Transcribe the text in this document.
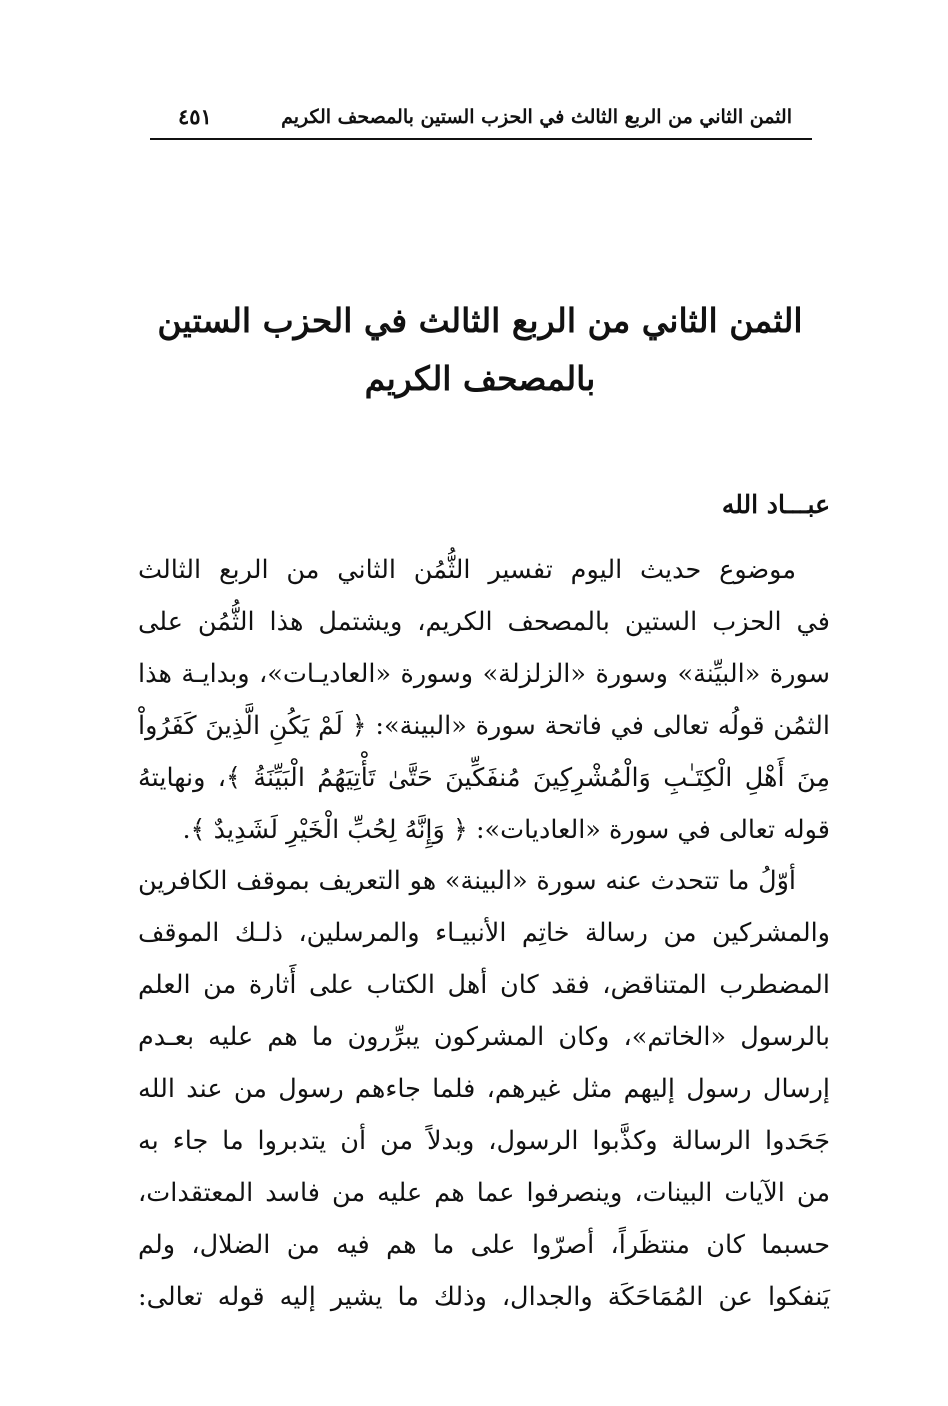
الثمن الثاني من الربع الثالث في الحزب الستين بالمصحف الكريم
٤٥١
الثمن الثاني من الربع الثالث في الحزب الستين
بالمصحف الكريم
عبـــاد الله
موضوع حديث اليوم تفسير الثُّمُن الثاني من الربع الثالث
في الحزب الستين بالمصحف الكريم، ويشتمل هذا الثُّمُن على
سورة «البيِّنة» وسورة «الزلزلة» وسورة «العاديـات»، وبدايـة هذا
الثمُن قولُه تعالى في فاتحة سورة «البينة»: ﴿ لَمْ يَكُنِ الَّذِينَ كَفَرُواْ
مِنَ أَهْلِ الْكِتَـٰبِ وَالْمُشْرِكِينَ مُنفَكِّينَ حَتَّىٰ تَأْتِيَهُمُ الْبَيِّنَةُ ﴾، ونهايتهُ
قوله تعالى في سورة «العاديات»: ﴿ وَإِنَّهُ لِحُبِّ الْخَيْرِ لَشَدِيدٌ ﴾.
أوّلُ ما تتحدث عنه سورة «البينة» هو التعريف بموقف الكافرين
والمشركين من رسالة خاتِم الأنبيـاء والمرسلين، ذلـك الموقف
المضطرب المتناقض، فقد كان أهل الكتاب على أَثارة من العلم
بالرسول «الخاتم»، وكان المشركون يبرِّرون ما هم عليه بعـدم
إرسال رسول إليهم مثل غيرهم، فلما جاءهم رسول من عند الله
جَحَدوا الرسالة وكذَّبوا الرسول، وبدلاً من أن يتدبروا ما جاء به
من الآيات البينات، وينصرفوا عما هم عليه من فاسد المعتقدات،
حسبما كان منتظَراً، أصرّوا على ما هم فيه من الضلال، ولم
يَنفكوا عن المُمَاحَكَة والجدال، وذلك ما يشير إليه قوله تعالى:
